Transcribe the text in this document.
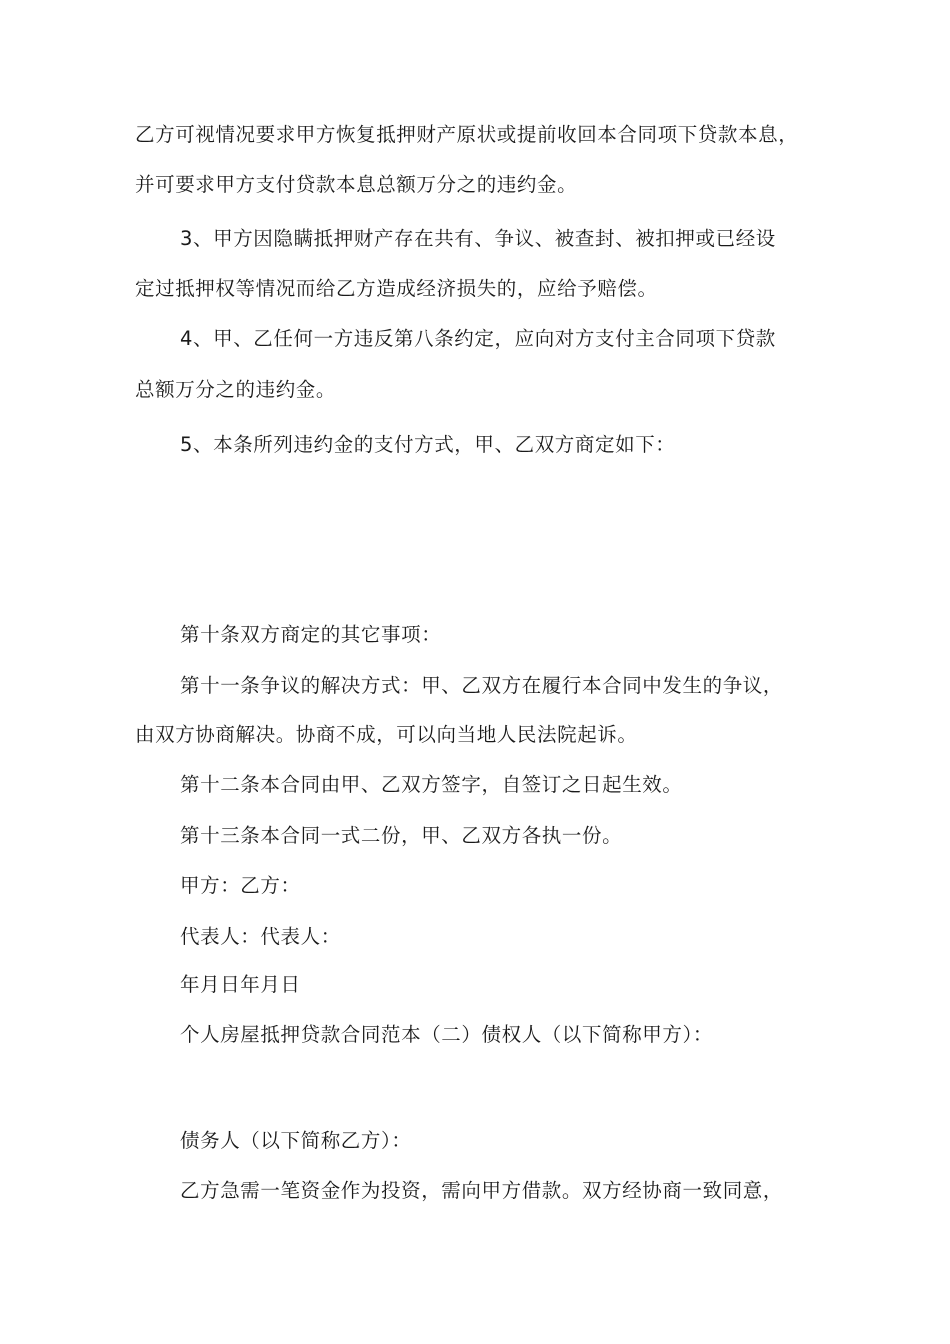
乙方可视情况要求甲方恢复抵押财产原状或提前收回本合同项下贷款本息，
并可要求甲方支付贷款本息总额万分之的违约金。
3、甲方因隐瞒抵押财产存在共有、争议、被查封、被扣押或已经设
定过抵押权等情况而给乙方造成经济损失的，应给予赔偿。
4、甲、乙任何一方违反第八条约定，应向对方支付主合同项下贷款
总额万分之的违约金。
5、本条所列违约金的支付方式，甲、乙双方商定如下：
第十条双方商定的其它事项：
第十一条争议的解决方式：甲、乙双方在履行本合同中发生的争议，
由双方协商解决。协商不成，可以向当地人民法院起诉。
第十二条本合同由甲、乙双方签字，自签订之日起生效。
第十三条本合同一式二份，甲、乙双方各执一份。
甲方：乙方：
代表人：代表人：
年月日年月日
个人房屋抵押贷款合同范本（二）债权人（以下简称甲方）：
债务人（以下简称乙方）：
乙方急需一笔资金作为投资，需向甲方借款。双方经协商一致同意，
